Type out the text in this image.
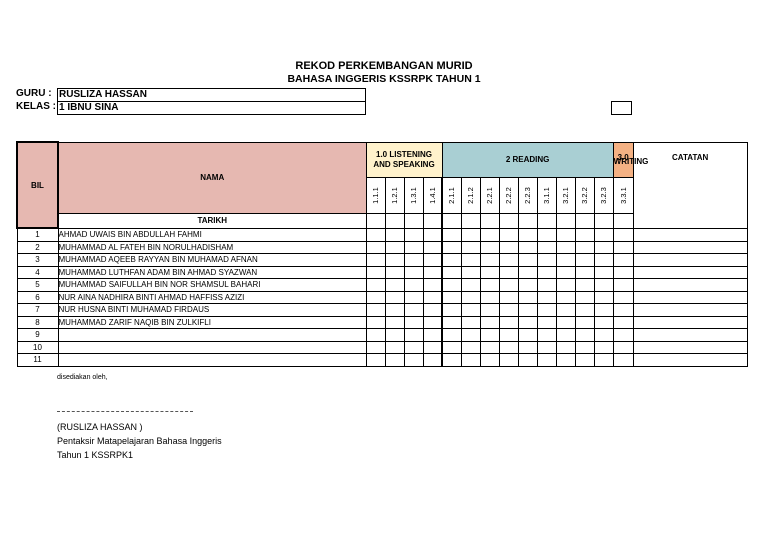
REKOD PERKEMBANGAN MURID
BAHASA INGGERIS KSSRPK TAHUN 1
GURU : RUSLIZA HASSAN
KELAS : 1 IBNU SINA
BIL	NAMA	1.0 LISTENING AND SPEAKING				2 READING									3.0 WRITING	CATATAN
		1.1.1	1.2.1	1.3.1	1.4.1	2.1.1	2.1.2	2.2.1	2.2.2	2.2.3	3.1.1	3.2.1	3.2.2	3.2.3	3.3.1	
	TARIKH															
1	AHMAD UWAIS BIN ABDULLAH FAHMI															
2	MUHAMMAD AL FATEH BIN NORULHADISHAM															
3	MUHAMMAD AQEEB RAYYAN BIN MUHAMAD AFNAN															
4	MUHAMMAD LUTHFAN ADAM BIN AHMAD SYAZWAN															
5	MUHAMMAD SAIFULLAH BIN NOR SHAMSUL BAHARI															
6	NUR AINA NADHIRA BINTI AHMAD HAFFISS AZIZI															
7	NUR HUSNA BINTI MUHAMAD FIRDAUS															
8	MUHAMMAD ZARIF NAQIB BIN ZULKIFLI															
9																
10																
11																
disediakan oleh,
(RUSLIZA HASSAN )
Pentaksir Matapelajaran Bahasa Inggeris
Tahun 1 KSSRPK1
